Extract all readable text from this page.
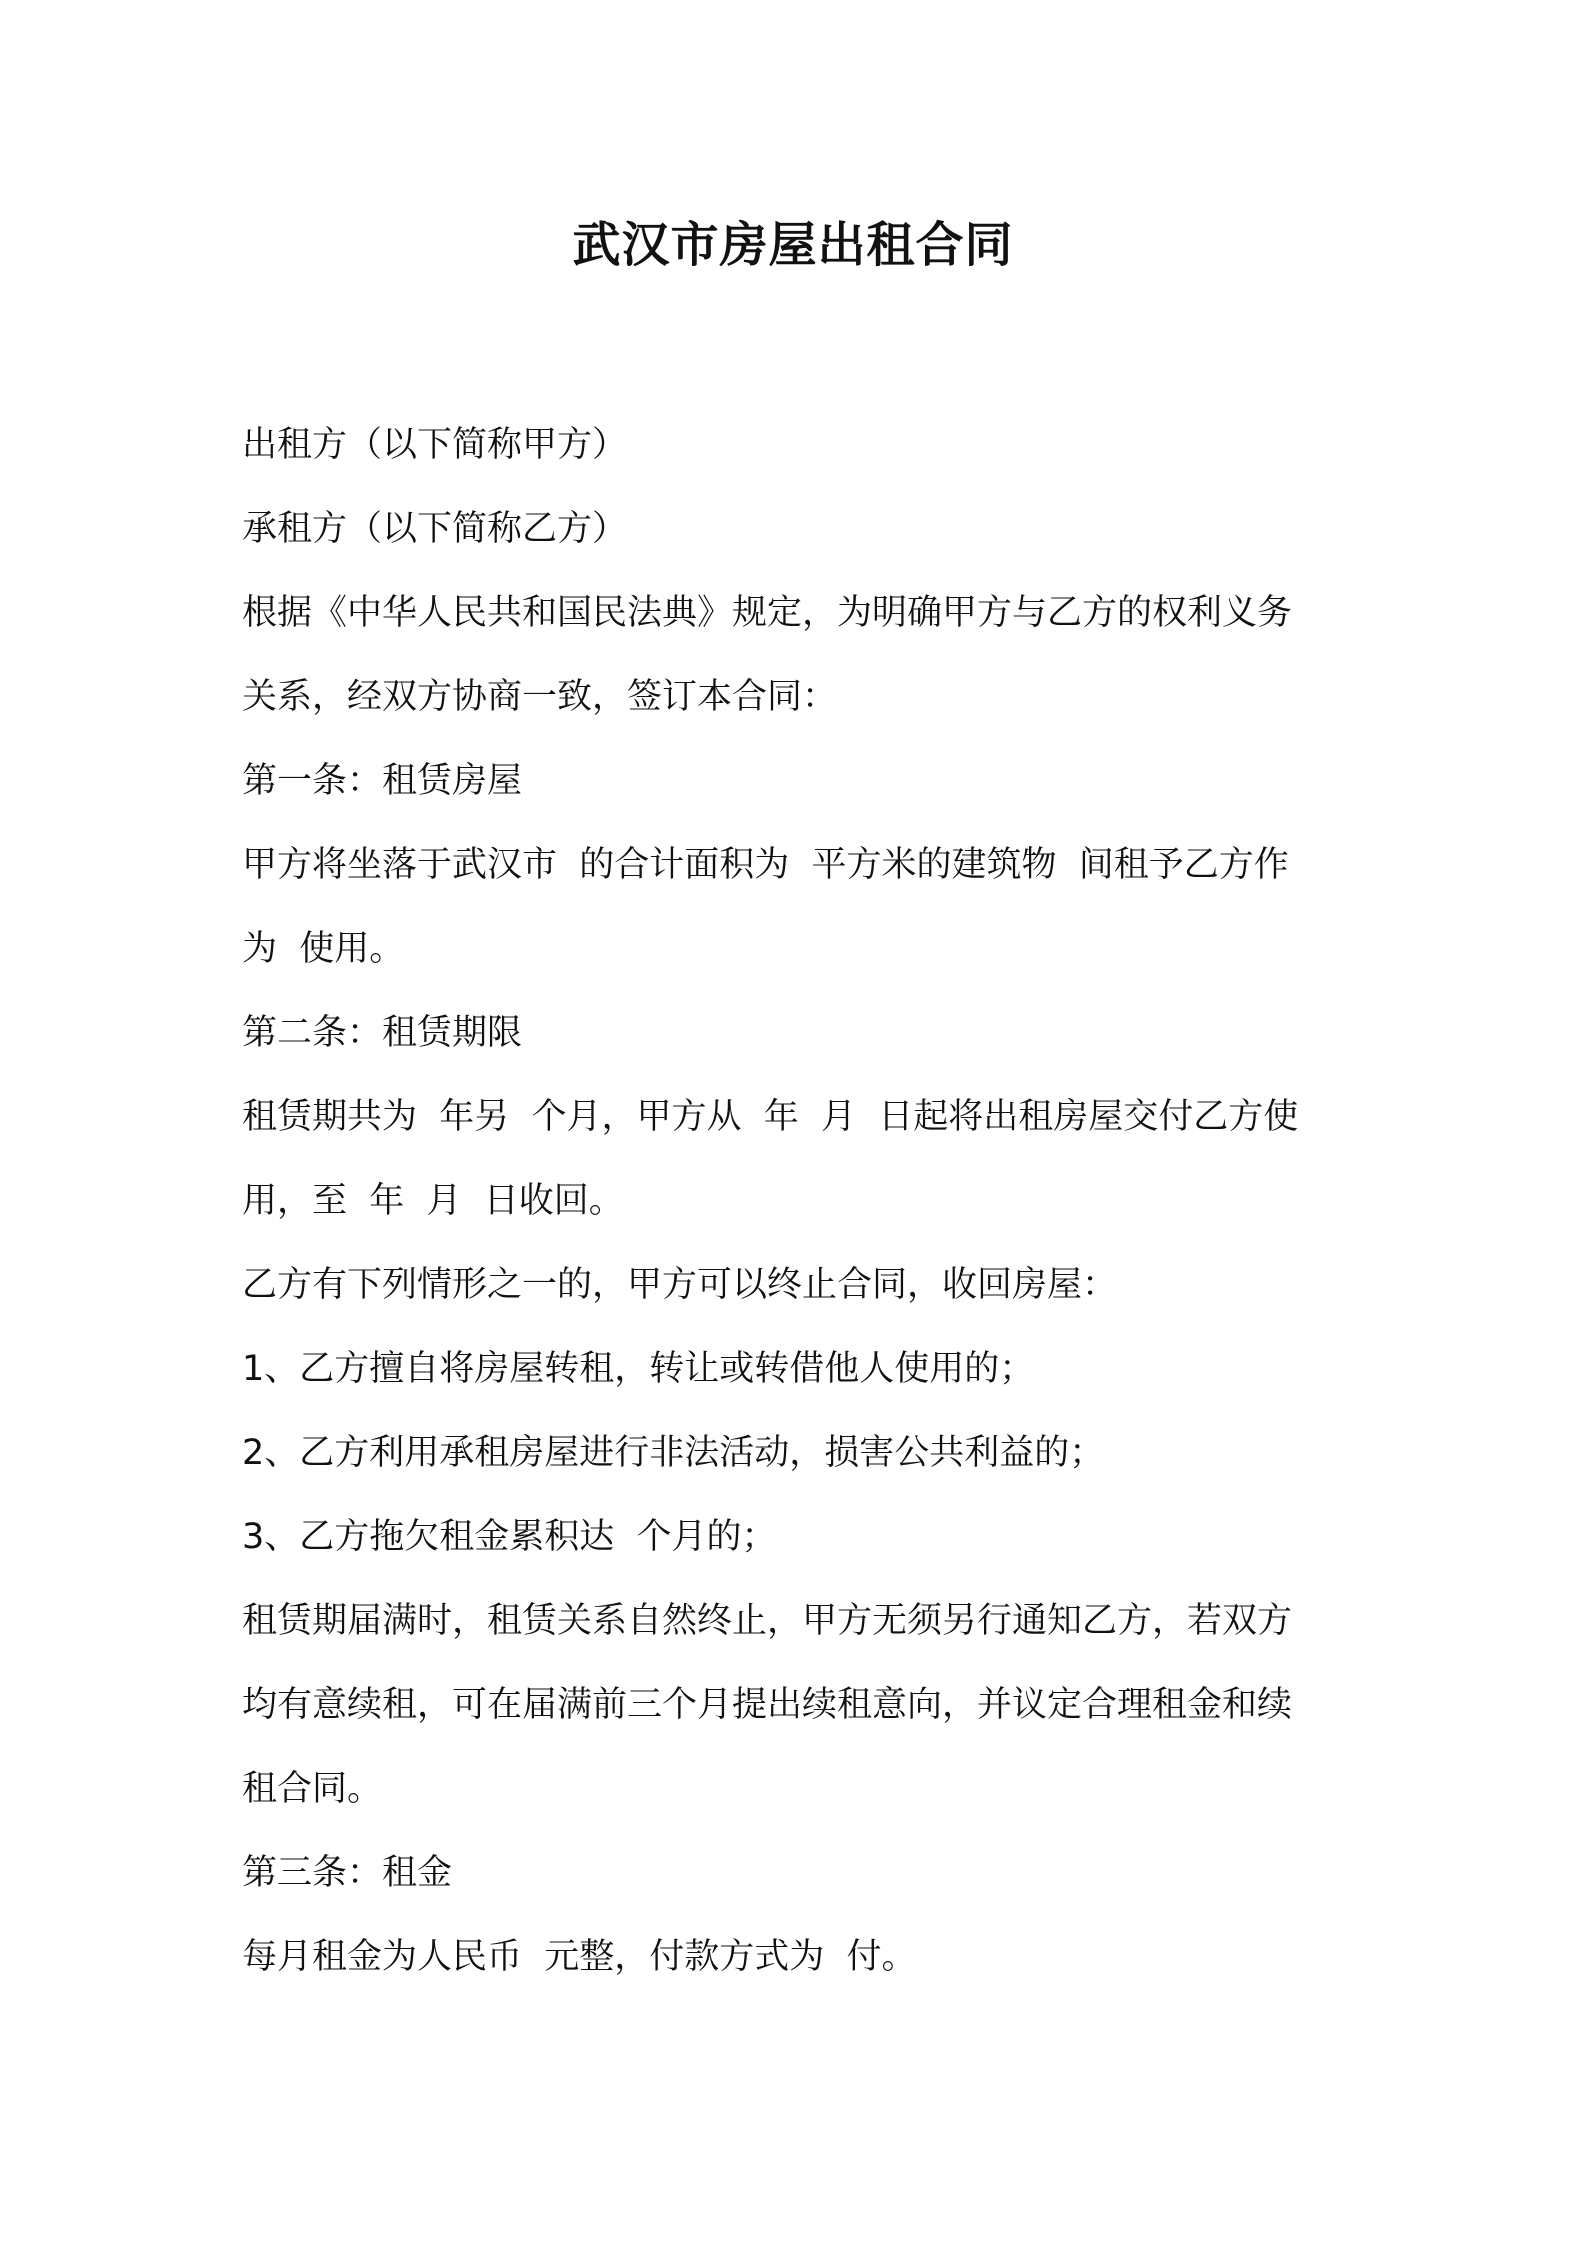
武汉市房屋出租合同
出租方（以下简称甲方）
承租方（以下简称乙方）
根据《中华人民共和国民法典》规定，为明确甲方与乙方的权利义务
关系，经双方协商一致，签订本合同：
第一条：租赁房屋
甲方将坐落于武汉市  的合计面积为  平方米的建筑物  间租予乙方作
为  使用。
第二条：租赁期限
租赁期共为  年另  个月，甲方从  年  月  日起将出租房屋交付乙方使
用，至  年  月  日收回。
乙方有下列情形之一的，甲方可以终止合同，收回房屋：
1、乙方擅自将房屋转租，转让或转借他人使用的；
2、乙方利用承租房屋进行非法活动，损害公共利益的；
3、乙方拖欠租金累积达  个月的；
租赁期届满时，租赁关系自然终止，甲方无须另行通知乙方，若双方
均有意续租，可在届满前三个月提出续租意向，并议定合理租金和续
租合同。
第三条：租金
每月租金为人民币  元整，付款方式为  付。
